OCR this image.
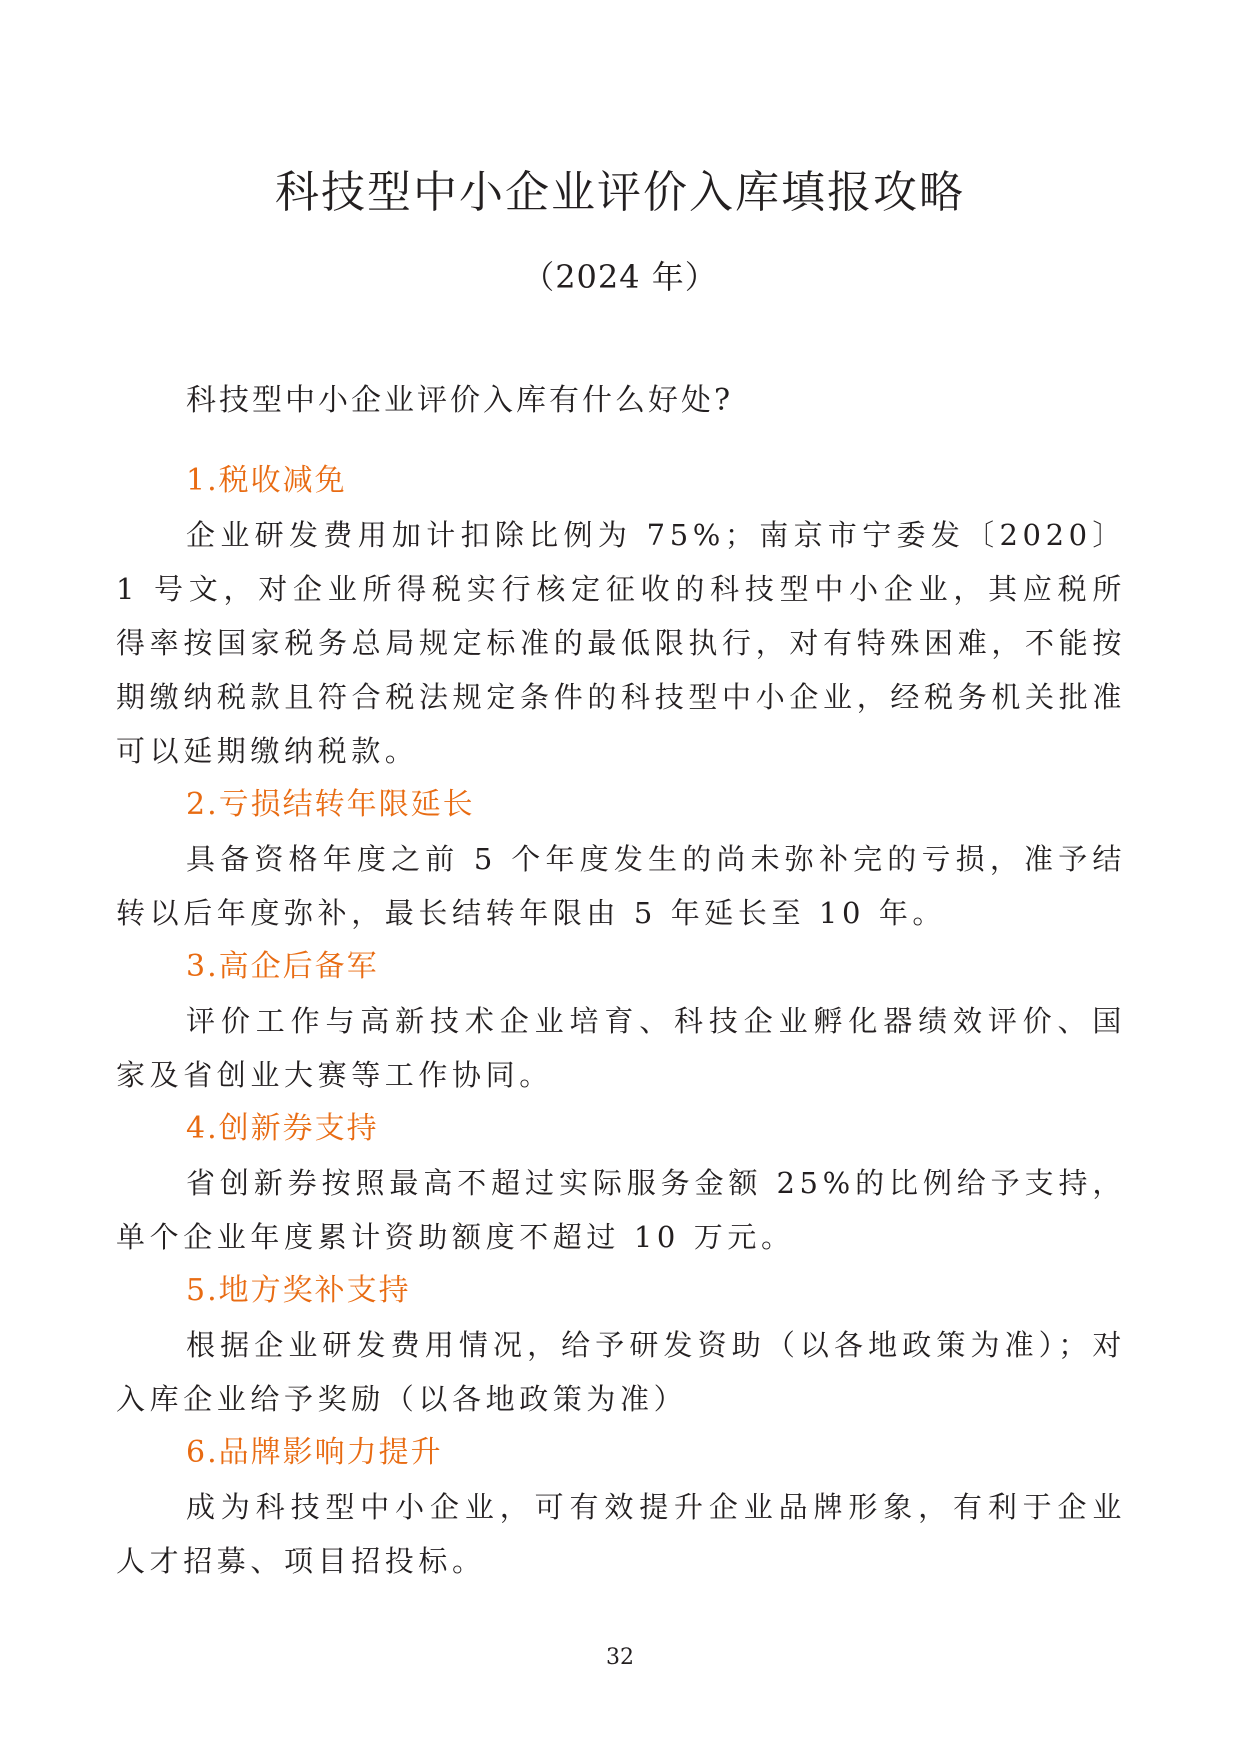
科技型中小企业评价入库填报攻略
（2024 年）
科技型中小企业评价入库有什么好处?
1.税收减免

企业研发费用加计扣除比例为 75%；南京市宁委发〔2020〕1 号文，对企业所得税实行核定征收的科技型中小企业，其应税所得率按国家税务总局规定标准的最低限执行，对有特殊困难，不能按期缴纳税款且符合税法规定条件的科技型中小企业，经税务机关批准可以延期缴纳税款。

2.亏损结转年限延长

具备资格年度之前 5 个年度发生的尚未弥补完的亏损，准予结转以后年度弥补，最长结转年限由 5 年延长至 10 年。

3.高企后备军

评价工作与高新技术企业培育、科技企业孵化器绩效评价、国家及省创业大赛等工作协同。

4.创新券支持

省创新券按照最高不超过实际服务金额 25%的比例给予支持，单个企业年度累计资助额度不超过 10 万元。

5.地方奖补支持

根据企业研发费用情况，给予研发资助（以各地政策为准）；对入库企业给予奖励（以各地政策为准）

6.品牌影响力提升

成为科技型中小企业，可有效提升企业品牌形象，有利于企业人才招募、项目招投标。

32
